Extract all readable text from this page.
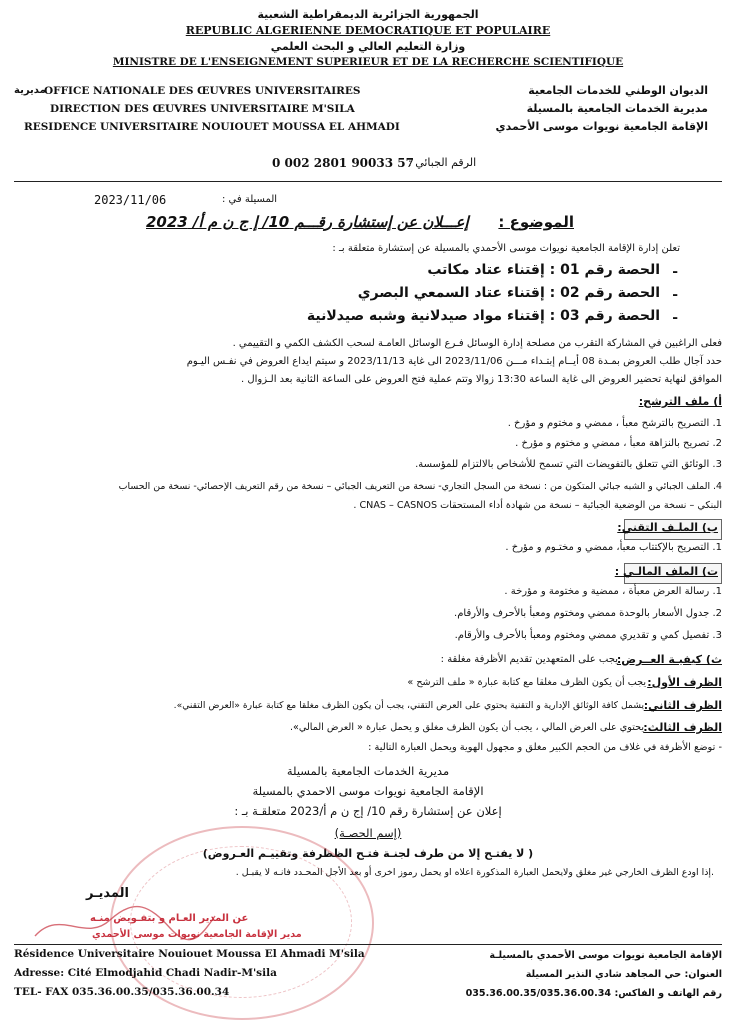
الجمهورية الجزائرية الديمقراطية الشعبية
REPUBLIC ALGERIENNE DEMOCRATIQUE ET POPULAIRE
وزارة التعليم العالي و البحث العلمي
MINISTRE DE L'ENSEIGNEMENT SUPERIEUR ET DE LA RECHERCHE SCIENTIFIQUE
OFFICE NATIONALE DES ŒUVRES UNIVERSITAIRES
مديرية
DIRECTION DES ŒUVRES UNIVERSITAIRE M'SILA
RESIDENCE UNIVERSITAIRE NOUIOUET MOUSSA EL AHMADI
الديوان الوطني للخدمات الجامعية
مديرية الخدمات الجامعية بالمسيلة
الإقامة الجامعية نويوات موسى الأحمدي
0 002 2801 90033 57
الرقم الجبائي :
2023/11/06	المسيلة في :
الموضوع :
إعـــلان عن إستشارة رقـــم 10/ إ ج ن م أ/ 2023
تعلن إدارة الإقامة الجامعية نويوات موسى الأحمدي بالمسيلة عن إستشارة متعلقة بـ :
الحصة رقم 01 : إقتناء عتاد مكاتب	-
الحصة رقم 02 : إقتناء عتاد السمعي البصري	-
الحصة رقم 03 : إقتناء مواد صيدلانية وشبه صيدلانية	-
فعلى الراغبين في المشاركة التقرب من مصلحة إدارة الوسائل فـرع الوسائل العامـة لسحب الكشف الكمي و التقييمي .
حدد آجال طلب العروض بمـدة 08 أيــام إبتـداء مـــن 2023/11/06 الى غاية 2023/11/13 و سيتم ايداع العروض في نفـس اليـوم
الموافق لنهاية تحضير العروض الى غاية الساعة 13:30 زوالا وتتم عملية فتح العروض على الساعة الثانية بعد الـزوال .
أ) ملف الترشح:
1. التصريح بالترشح معبأ ، ممضي و مختوم و مؤرخ .
2. تصريح بالنزاهة معبأ ، ممضي و مختوم و مؤرخ .
3. الوثائق التي تتعلق بالتفويضات التي تسمح للأشخاص بالالتزام للمؤسسة.
4. الملف الجبائي و الشبه جبائي المتكون من : نسخة من السجل التجاري- نسخة من التعريف الجبائي – نسخة من رقم التعريف الإحصائي- نسخة من الحساب
البنكي – نسخة من الوضعية الجبائية – نسخة من شهادة أداء المستحقات CNAS – CASNOS .
ب) الملـف التقني:
1. التصريح بالإكتتاب معبأ، ممضي و مختـوم و مؤرخ .
ت) الملف المالـي :
1. رسالة العرض معبأة ، ممضية و مختومة و مؤرخة .
2. جدول الأسعار بالوحدة ممضي ومختوم ومعبأ بالأحرف والأرقام.
3. تفصيل كمي و تقديري ممضي ومختوم ومعبأ بالأحرف والأرقام.
ث) كيفيـة العــرض:
يجب على المتعهدين تقديم الأظرفة مغلقة :
الظرف الأول:
يجب أن يكون الظرف مغلقا مع كتابة عبارة « ملف الترشح »
الظرف الثاني:
يشمل كافة الوثائق الإدارية و التقنية يحتوي على العرض التقني، يجب أن يكون الظرف مغلقا مع كتابة عبارة «العرض التقني».
الظرف الثالث:
يحتوي على العرض المالي ، يجب أن يكون الظرف مغلق و يحمل عبارة « العرض المالي».
- توضع الأظرفة في غلاف من الحجم الكبير مغلق و مجهول الهوية ويحمل العبارة التالية :
مديرية الخدمات الجامعية بالمسيلة
الإقامة الجامعية نويوات موسى الاحمدي بالمسيلة
إعلان عن إستشارة رقم 10/ إج ن م أ/2023 متعلقـة بـ :
(إسم الحصـة)
( لا يفتـح إلا من طرف لجنـة فتـح الظظرفة وتقييـم العـروض)
.إذا اودع الظرف الخارجي غير مغلق ولايحمل العبارة المذكورة اعلاه او يحمل رموز اخرى أو بعد الأجل المحـدد فانـه لا يقبـل .
المديـر
عن المدير العـام و بتفـويض منـه
مدير الإقامة الجامعية نويوات موسى الأحمدي
Résidence Universitaire Nouiouet Moussa El Ahmadi M'sila
Adresse: Cité Elmodjahid Chadi Nadir-M'sila
TEL- FAX 035.36.00.35/035.36.00.34
الإقامة الجامعية نويوات موسى الأحمدي بالمسيلـة
العنوان: حي المجاهد شادي النذير المسيلة
رقم الهاتف و الفاكس: 035.36.00.35/035.36.00.34
